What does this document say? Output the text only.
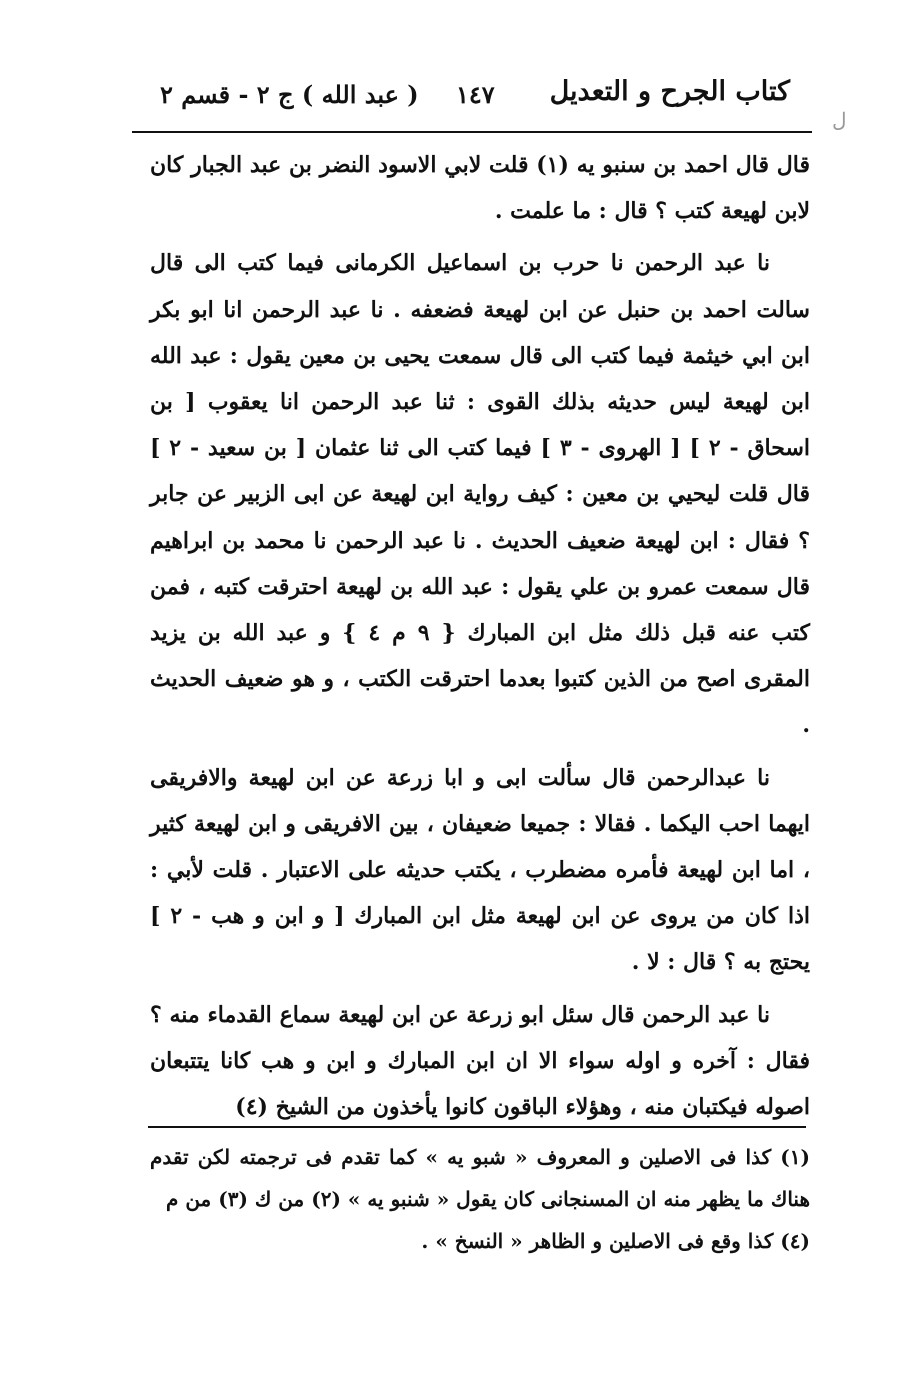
كتاب الجرح و التعديل
١٤٧
( عبد الله ) ج ٢ - قسم ٢
ل

قال قال احمد بن سنبو يه (١) قلت لابي الاسود النضر بن عبد الجبار كان لابن لهيعة كتب ؟ قال : ما علمت .

نا عبد الرحمن نا حرب بن اسماعيل الكرمانى فيما كتب الى قال سالت احمد بن حنبل عن ابن لهيعة فضعفه . نا عبد الرحمن انا ابو بكر ابن ابي خيثمة فيما كتب الى قال سمعت يحيى بن معين يقول : عبد الله ابن لهيعة ليس حديثه بذلك القوى : ثنا عبد الرحمن انا يعقوب [ بن اسحاق - ٢ ] [ الهروى - ٣ ] فيما كتب الى ثنا عثمان [ بن سعيد - ٢ ] قال قلت ليحيي بن معين : كيف رواية ابن لهيعة عن ابى الزبير عن جابر ؟ فقال : ابن لهيعة ضعيف الحديث . نا عبد الرحمن نا محمد بن ابراهيم قال سمعت عمرو بن علي يقول : عبد الله بن لهيعة احترقت كتبه ، فمن كتب عنه قبل ذلك مثل ابن المبارك { ٩ م ٤ } و عبد الله بن يزيد المقرى اصح من الذين كتبوا بعدما احترقت الكتب ، و هو ضعيف الحديث .

نا عبدالرحمن قال سألت ابى و ابا زرعة عن ابن لهيعة والافريقى ايهما احب اليكما . فقالا : جميعا ضعيفان ، بين الافريقى و ابن لهيعة كثير ، اما ابن لهيعة فأمره مضطرب ، يكتب حديثه على الاعتبار . قلت لأبي : اذا كان من يروى عن ابن لهيعة مثل ابن المبارك [ و ابن و هب - ٢ ] يحتج به ؟ قال : لا .

نا عبد الرحمن قال سئل ابو زرعة عن ابن لهيعة سماع القدماء منه ؟ فقال : آخره و اوله سواء الا ان ابن المبارك و ابن و هب كانا يتتبعان اصوله فيكتبان منه ، وهؤلاء الباقون كانوا يأخذون من الشيخ (٤)

(١) كذا فى الاصلين و المعروف « شبو يه » كما تقدم فى ترجمته لكن تقدم هناك ما يظهر منه ان المسنجانى كان يقول « شنبو يه » (٢) من ك (٣) من م

(٤) كذا وقع فى الاصلين و الظاهر « النسخ » .
